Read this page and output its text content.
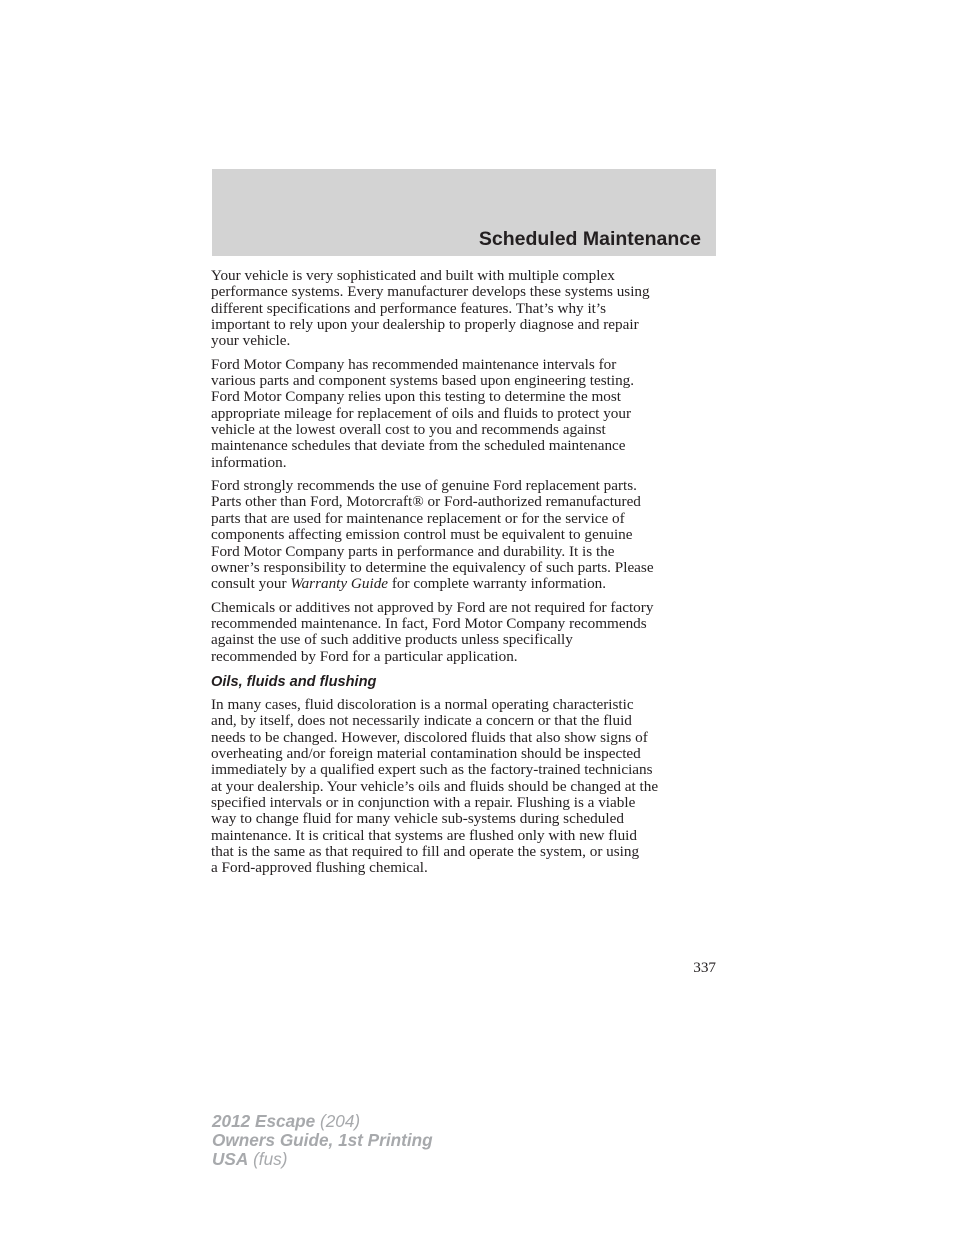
Scheduled Maintenance

Your vehicle is very sophisticated and built with multiple complex
performance systems. Every manufacturer develops these systems using
different specifications and performance features. That’s why it’s
important to rely upon your dealership to properly diagnose and repair
your vehicle.

Ford Motor Company has recommended maintenance intervals for
various parts and component systems based upon engineering testing.
Ford Motor Company relies upon this testing to determine the most
appropriate mileage for replacement of oils and fluids to protect your
vehicle at the lowest overall cost to you and recommends against
maintenance schedules that deviate from the scheduled maintenance
information.

Ford strongly recommends the use of genuine Ford replacement parts.
Parts other than Ford, Motorcraft® or Ford-authorized remanufactured
parts that are used for maintenance replacement or for the service of
components affecting emission control must be equivalent to genuine
Ford Motor Company parts in performance and durability. It is the
owner’s responsibility to determine the equivalency of such parts. Please
consult your Warranty Guide for complete warranty information.

Chemicals or additives not approved by Ford are not required for factory
recommended maintenance. In fact, Ford Motor Company recommends
against the use of such additive products unless specifically
recommended by Ford for a particular application.

Oils, fluids and flushing

In many cases, fluid discoloration is a normal operating characteristic
and, by itself, does not necessarily indicate a concern or that the fluid
needs to be changed. However, discolored fluids that also show signs of
overheating and/or foreign material contamination should be inspected
immediately by a qualified expert such as the factory-trained technicians
at your dealership. Your vehicle’s oils and fluids should be changed at the
specified intervals or in conjunction with a repair. Flushing is a viable
way to change fluid for many vehicle sub-systems during scheduled
maintenance. It is critical that systems are flushed only with new fluid
that is the same as that required to fill and operate the system, or using
a Ford-approved flushing chemical.

337
2012 Escape (204)
Owners Guide, 1st Printing
USA (fus)
